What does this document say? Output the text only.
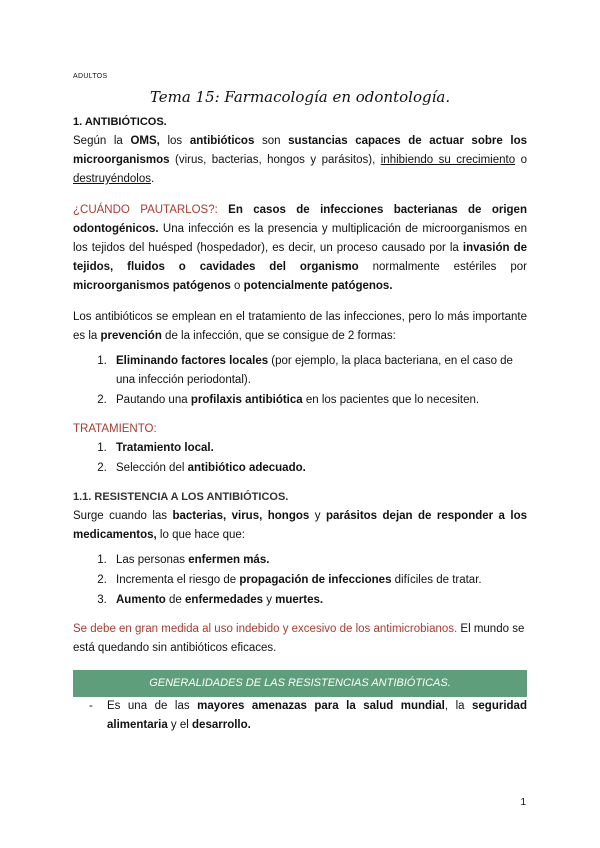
ADULTOS
Tema 15: Farmacología en odontología.

1. ANTIBIÓTICOS.

Según la OMS, los antibióticos son sustancias capaces de actuar sobre los microorganismos (virus, bacterias, hongos y parásitos), inhibiendo su crecimiento o destruyéndolos.

¿CUÁNDO PAUTARLOS?: En casos de infecciones bacterianas de origen odontogénicos. Una infección es la presencia y multiplicación de microorganismos en los tejidos del huésped (hospedador), es decir, un proceso causado por la invasión de tejidos, fluidos o cavidades del organismo normalmente estériles por microorganismos patógenos o potencialmente patógenos.

Los antibióticos se emplean en el tratamiento de las infecciones, pero lo más importante es la prevención de la infección, que se consigue de 2 formas:

1. Eliminando factores locales (por ejemplo, la placa bacteriana, en el caso de una infección periodontal).
2. Pautando una profilaxis antibiótica en los pacientes que lo necesiten.

TRATAMIENTO:

1. Tratamiento local.
2. Selección del antibiótico adecuado.

1.1. RESISTENCIA A LOS ANTIBIÓTICOS.

Surge cuando las bacterias, virus, hongos y parásitos dejan de responder a los medicamentos, lo que hace que:

1. Las personas enfermen más.
2. Incrementa el riesgo de propagación de infecciones difíciles de tratar.
3. Aumento de enfermedades y muertes.

Se debe en gran medida al uso indebido y excesivo de los antimicrobianos. El mundo se está quedando sin antibióticos eficaces.

GENERALIDADES DE LAS RESISTENCIAS ANTIBIÓTICAS.

- Es una de las mayores amenazas para la salud mundial, la seguridad alimentaria y el desarrollo.

1
